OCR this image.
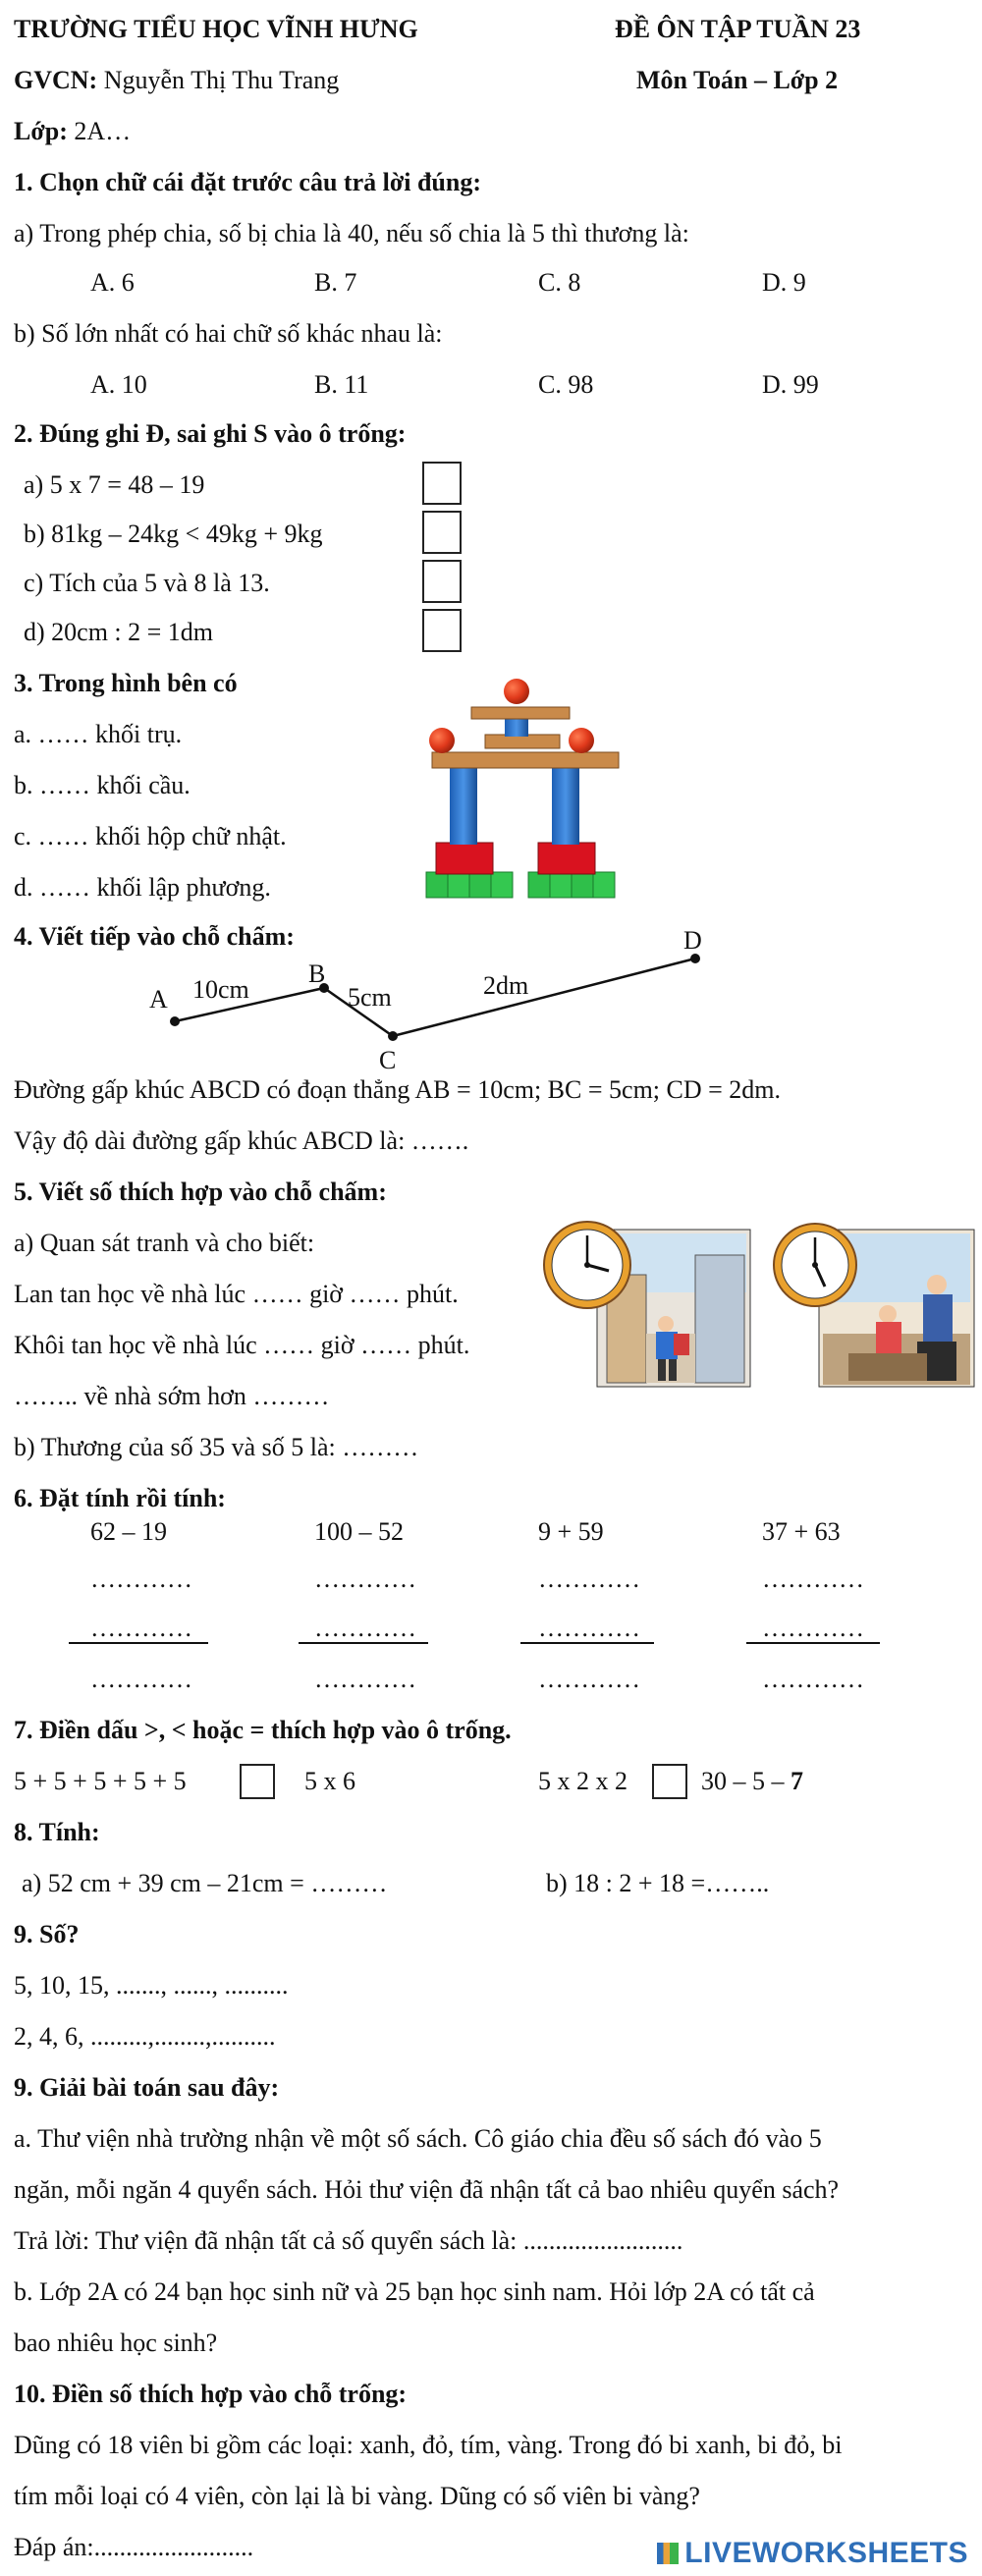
TRƯỜNG TIỂU HỌC VĨNH HƯNG	ĐỀ ÔN TẬP TUẦN 23
GVCN: Nguyễn Thị Thu Trang	Môn Toán – Lớp 2
Lớp: 2A…
1. Chọn chữ cái đặt trước câu trả lời đúng:
a) Trong phép chia, số bị chia là 40, nếu số chia là 5 thì thương là:
A. 6	B. 7	C. 8	D. 9
b) Số lớn nhất có hai chữ số khác nhau là:
A. 10	B. 11	C. 98	D. 99
2. Đúng ghi Đ, sai ghi S vào ô trống:
a) 5 x 7 = 48 – 19
b) 81kg – 24kg < 49kg + 9kg
c) Tích của 5 và 8 là 13.
d) 20cm : 2 = 1dm
3. Trong hình bên có
a. …… khối trụ.
b. …… khối cầu.
c. …… khối hộp chữ nhật.
d. …… khối lập phương.
4. Viết tiếp vào chỗ chấm:
A
B
C
D
10cm	5cm	2dm
Đường gấp khúc ABCD có đoạn thẳng AB = 10cm; BC = 5cm; CD = 2dm.
Vậy độ dài đường gấp khúc ABCD là: …….
5. Viết số thích hợp vào chỗ chấm:
a) Quan sát tranh và cho biết:
Lan tan học về nhà lúc …… giờ …… phút.
Khôi tan học về nhà lúc …… giờ …… phút.
…….. về nhà sớm hơn ………
b) Thương của số 35 và số 5 là: ………
6. Đặt tính rồi tính:
62 – 19	100 – 52	9 + 59	37 + 63
…………	…………	…………	…………
…………	…………	…………	…………
…………	…………	…………	…………
7. Điền dấu >, < hoặc = thích hợp vào ô trống.
5 + 5 + 5 + 5 + 5	5 x 6	5 x 2 x 2	30 – 5 – 7
8. Tính:
a) 52 cm + 39 cm – 21cm = ………	b) 18 : 2 + 18 =……..
9. Số?
5, 10, 15, ......., ......, ..........
2, 4, 6, .........,........,..........
9. Giải bài toán sau đây:
a. Thư viện nhà trường nhận về một số sách. Cô giáo chia đều số sách đó vào 5
ngăn, mỗi ngăn 4 quyển sách. Hỏi thư viện đã nhận tất cả bao nhiêu quyển sách?
Trả lời: Thư viện đã nhận tất cả số quyển sách là: .........................
b. Lớp 2A có 24 bạn học sinh nữ và 25 bạn học sinh nam. Hỏi lớp 2A có tất cả
bao nhiêu học sinh?
10. Điền số thích hợp vào chỗ trống:
Dũng có 18 viên bi gồm các loại: xanh, đỏ, tím, vàng. Trong đó bi xanh, bi đỏ, bi
tím mỗi loại có 4 viên, còn lại là bi vàng. Dũng có số viên bi vàng?
Đáp án:.........................	LIVEWORKSHEETS
